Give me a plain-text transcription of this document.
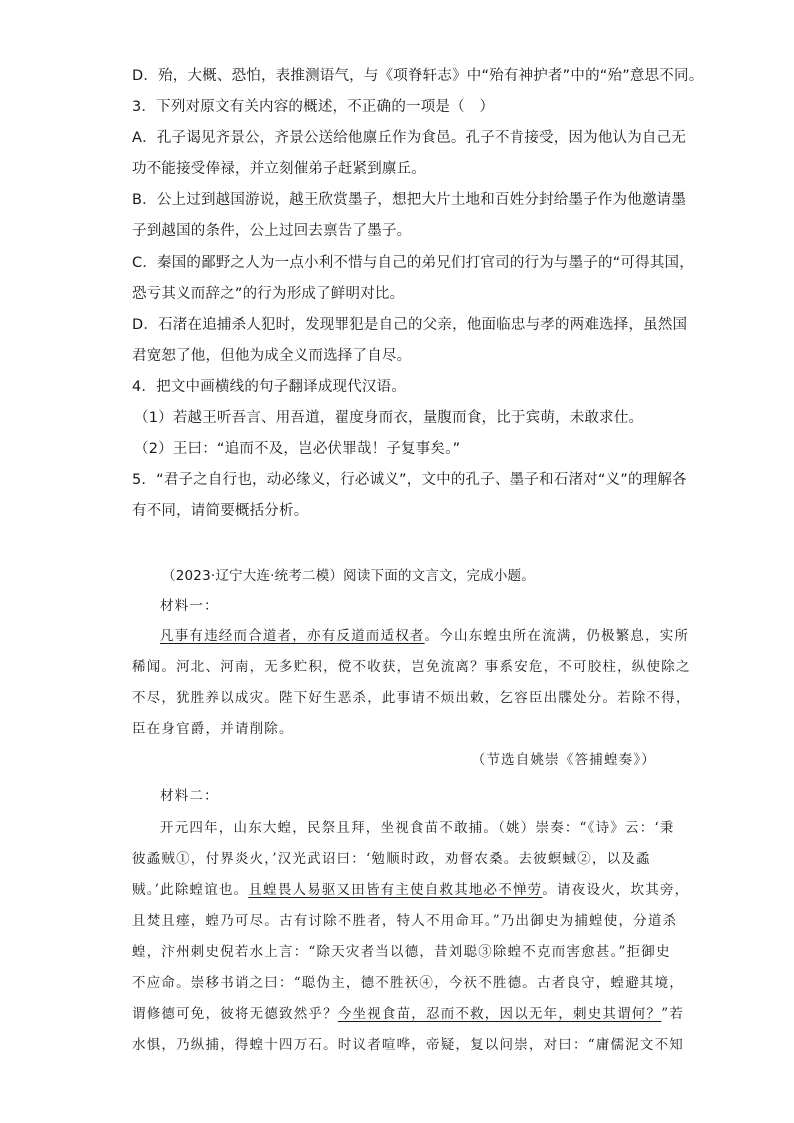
D．殆，大概、恐怕，表推测语气，与《项脊轩志》中“殆有神护者”中的“殆”意思不同。
3．下列对原文有关内容的概述，不正确的一项是（　）
A．孔子谒见齐景公，齐景公送给他廪丘作为食邑。孔子不肯接受，因为他认为自己无
功不能接受俸禄，并立刻催弟子赶紧到廪丘。
B．公上过到越国游说，越王欣赏墨子，想把大片土地和百姓分封给墨子作为他邀请墨
子到越国的条件，公上过回去禀告了墨子。
C．秦国的鄙野之人为一点小利不惜与自己的弟兄们打官司的行为与墨子的“可得其国，
恐亏其义而辞之”的行为形成了鲜明对比。
D．石渚在追捕杀人犯时，发现罪犯是自己的父亲，他面临忠与孝的两难选择，虽然国
君宽恕了他，但他为成全义而选择了自尽。
4．把文中画横线的句子翻译成现代汉语。
（1）若越王听吾言、用吾道，翟度身而衣，量腹而食，比于宾萌，未敢求仕。
（2）王曰：“追而不及，岂必伏罪哉！子复事矣。”
5．“君子之自行也，动必缘义，行必诚义”，文中的孔子、墨子和石渚对“义”的理解各
有不同，请简要概括分析。
（2023·辽宁大连·统考二模）阅读下面的文言文，完成小题。
材料一：
凡事有违经而合道者，亦有反道而适权者。今山东蝗虫所在流满，仍极繁息，实所
稀闻。河北、河南，无多贮积，傥不收获，岂免流离？事系安危，不可胶柱，纵使除之
不尽，犹胜养以成灾。陛下好生恶杀，此事请不烦出敕，乞容臣出牒处分。若除不得，
臣在身官爵，并请削除。
（节选自姚崇《答捕蝗奏》）
材料二：
开元四年，山东大蝗，民祭且拜，坐视食苗不敢捕。（姚）崇奏：“《诗》云：‘秉
彼蟊贼①，付界炎火，’汉光武诏曰：‘勉顺时政，劝督农桑。去彼螟蜮②，以及蟊
贼。’此除蝗谊也。且蝗畏人易驱又田皆有主使自救其地必不惮劳。请夜设火，坎其旁，
且焚且瘗，蝗乃可尽。古有讨除不胜者，特人不用命耳。”乃出御史为捕蝗使，分道杀
蝗，汴州刺史倪若水上言：“除天灾者当以德，昔刘聪③除蝗不克而害愈甚。”拒御史
不应命。崇移书诮之曰：“聪伪主，德不胜祆④，今祆不胜德。古者良守，蝗避其境，
谓修德可免，彼将无德致然乎？今坐视食苗，忍而不救，因以无年，刺史其谓何？”若
水惧，乃纵捕，得蝗十四万石。时议者喧哗，帝疑，复以问崇，对曰：“庸儒泥文不知
